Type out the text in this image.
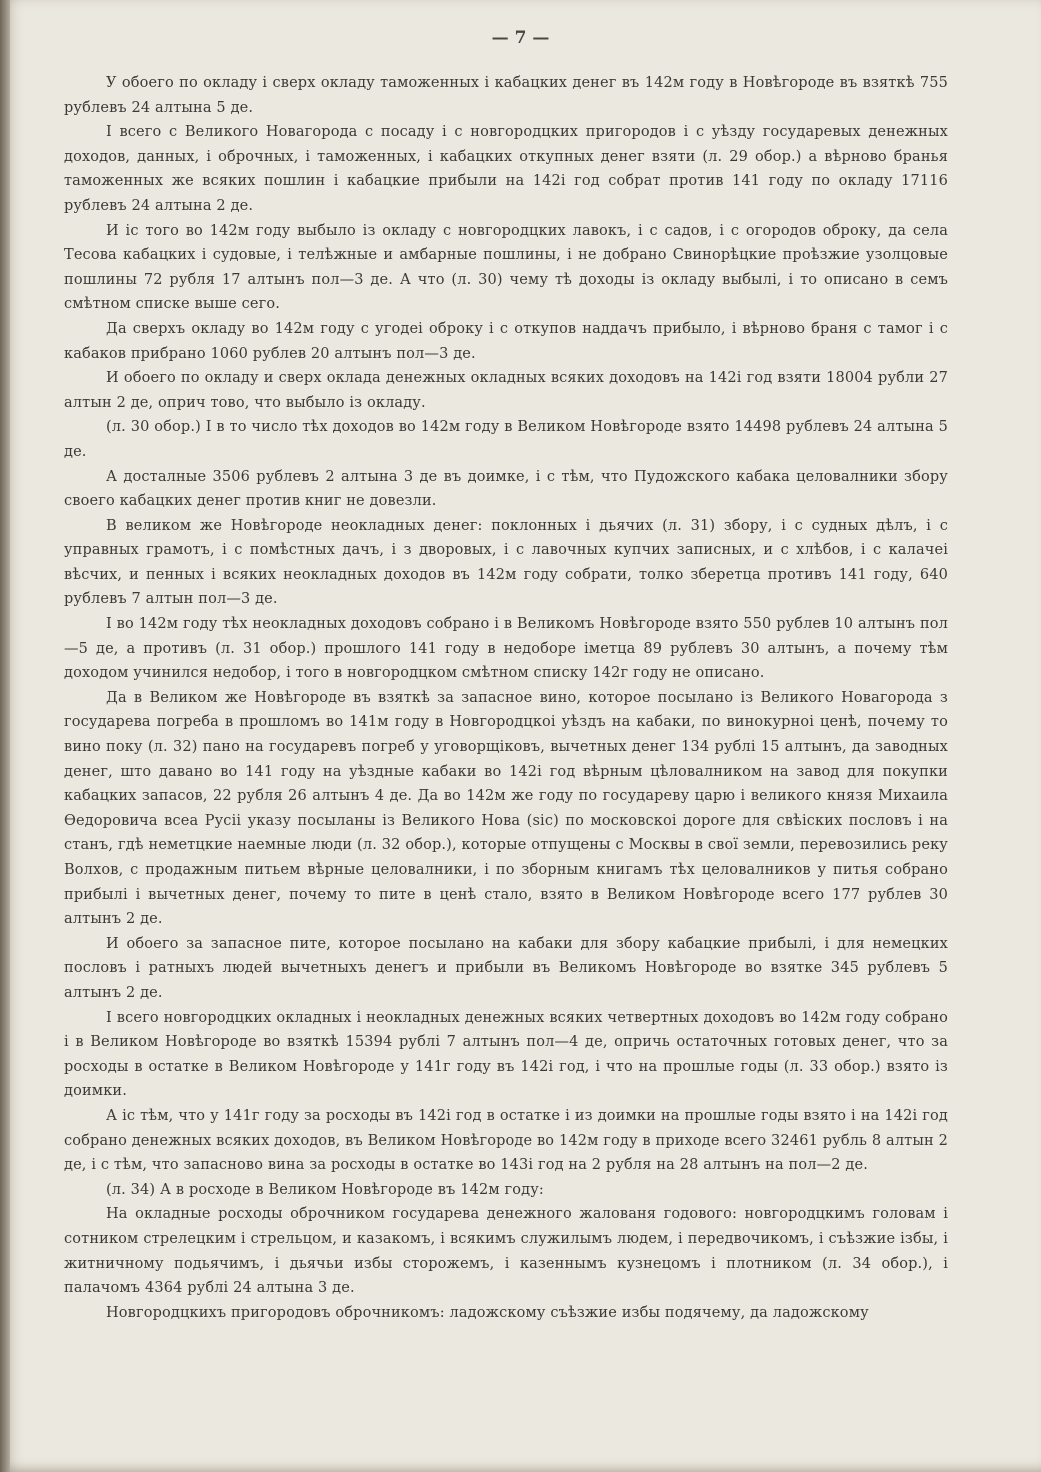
— 7 —

У обоего по окладу і сверх окладу таможенных і кабацких денег въ 142м году в Новѣгороде въ взяткѣ 755 рублевъ 24 алтына 5 де.

I всего с Великого Новагорода с посаду і с новгородцких пригородов і с уѣзду государевых денежных доходов, данных, і оброчных, і таможенных, і кабацких откупных денег взяти (л. 29 обор.) а вѣрново бранья таможенных же всяких пошлин і кабацкие прибыли на 142і год собрат против 141 году по окладу 17116 рублевъ 24 алтына 2 де.

И іс того во 142м году выбыло із окладу с новгородцких лавокъ, і с садов, і с огородов оброку, да села Тесова кабацких і судовые, і телѣжные и амбарные пошлины, і не добрано Свинорѣцкие проѣзжие узолцовые пошлины 72 рубля 17 алтынъ пол—3 де. А что (л. 30) чему тѣ доходы із окладу выбылі, і то описано в семъ смѣтном списке выше сего.

Да сверхъ окладу во 142м году с угодеі оброку і с откупов наддачъ прибыло, і вѣрново браня с тамог і с кабаков прибрано 1060 рублев 20 алтынъ пол—3 де.

И обоего по окладу и сверх оклада денежных окладных всяких доходовъ на 142і год взяти 18004 рубли 27 алтын 2 де, оприч тово, что выбыло із окладу.

(л. 30 обор.) I в то число тѣх доходов во 142м году в Великом Новѣгороде взято 14498 рублевъ 24 алтына 5 де.

А досталные 3506 рублевъ 2 алтына 3 де въ доимке, і с тѣм, что Пудожского кабака целовалники збору своего кабацких денег против книг не довезли.

В великом же Новѣгороде неокладных денег: поклонных і дьячих (л. 31) збору, і с судных дѣлъ, і с управных грамотъ, і с помѣстных дачъ, і з дворовых, і с лавочных купчих записных, и с хлѣбов, і с калачеі вѣсчих, и пенных і всяких неокладных доходов въ 142м году собрати, толко зберетца противъ 141 году, 640 рублевъ 7 алтын пол—3 де.

I во 142м году тѣх неокладных доходовъ собрано і в Великомъ Новѣгороде взято 550 рублев 10 алтынъ пол—5 де, а противъ (л. 31 обор.) прошлого 141 году в недоборе іметца 89 рублевъ 30 алтынъ, а почему тѣм доходом учинился недобор, і того в новгородцком смѣтном списку 142г году не описано.

Да в Великом же Новѣгороде въ взяткѣ за запасное вино, которое посылано із Великого Новагорода з государева погреба в прошломъ во 141м году в Новгородцкоі уѣздъ на кабаки, по винокурноі ценѣ, почему то вино поку (л. 32) пано на государевъ погреб у уговорщіковъ, вычетных денег 134 рублі 15 алтынъ, да заводных денег, што давано во 141 году на уѣздные кабаки во 142і год вѣрным цѣловалником на завод для покупки кабацких запасов, 22 рубля 26 алтынъ 4 де. Да во 142м же году по государеву царю і великого князя Михаила Ѳедоровича всеа Русіі указу посыланы із Великого Нова (sic) по московскоі дороге для свѣіских пословъ і на станъ, гдѣ неметцкие наемные люди (л. 32 обор.), которые отпущены с Москвы в свої земли, перевозились реку Волхов, с продажным питьем вѣрные целовалники, і по зборным книгамъ тѣх целовалников у питья собрано прибылі і вычетных денег, почему то пите в ценѣ стало, взято в Великом Новѣгороде всего 177 рублев 30 алтынъ 2 де.

И обоего за запасное пите, которое посылано на кабаки для збору кабацкие прибылі, і для немецких пословъ і ратныхъ людей вычетныхъ денегъ и прибыли въ Великомъ Новѣгороде во взятке 345 рублевъ 5 алтынъ 2 де.

I всего новгородцких окладных і неокладных денежных всяких четвертных доходовъ во 142м году собрано і в Великом Новѣгороде во взяткѣ 15394 рублі 7 алтынъ пол—4 де, опричь остаточных готовых денег, что за росходы в остатке в Великом Новѣгороде у 141г году въ 142і год, і что на прошлые годы (л. 33 обор.) взято із доимки.

А іс тѣм, что у 141г году за росходы въ 142і год в остатке і из доимки на прошлые годы взято і на 142і год собрано денежных всяких доходов, въ Великом Новѣгороде во 142м году в приходе всего 32461 рубль 8 алтын 2 де, і с тѣм, что запасново вина за росходы в остатке во 143і год на 2 рубля на 28 алтынъ на пол—2 де.

(л. 34) А в росходе в Великом Новѣгороде въ 142м году:

На окладные росходы оброчником государева денежного жалованя годового: новгородцкимъ головам і сотником стрелецким і стрельцом, и казакомъ, і всякимъ служилымъ людем, і передвочикомъ, і съѣзжие ізбы, і житничному подьячимъ, і дьячьи избы сторожемъ, і казеннымъ кузнецомъ і плотником (л. 34 обор.), і палачомъ 4364 рублі 24 алтына 3 де.

Новгородцкихъ пригородовъ оброчникомъ: ладожскому съѣзжие избы подячему, да ладожскому
